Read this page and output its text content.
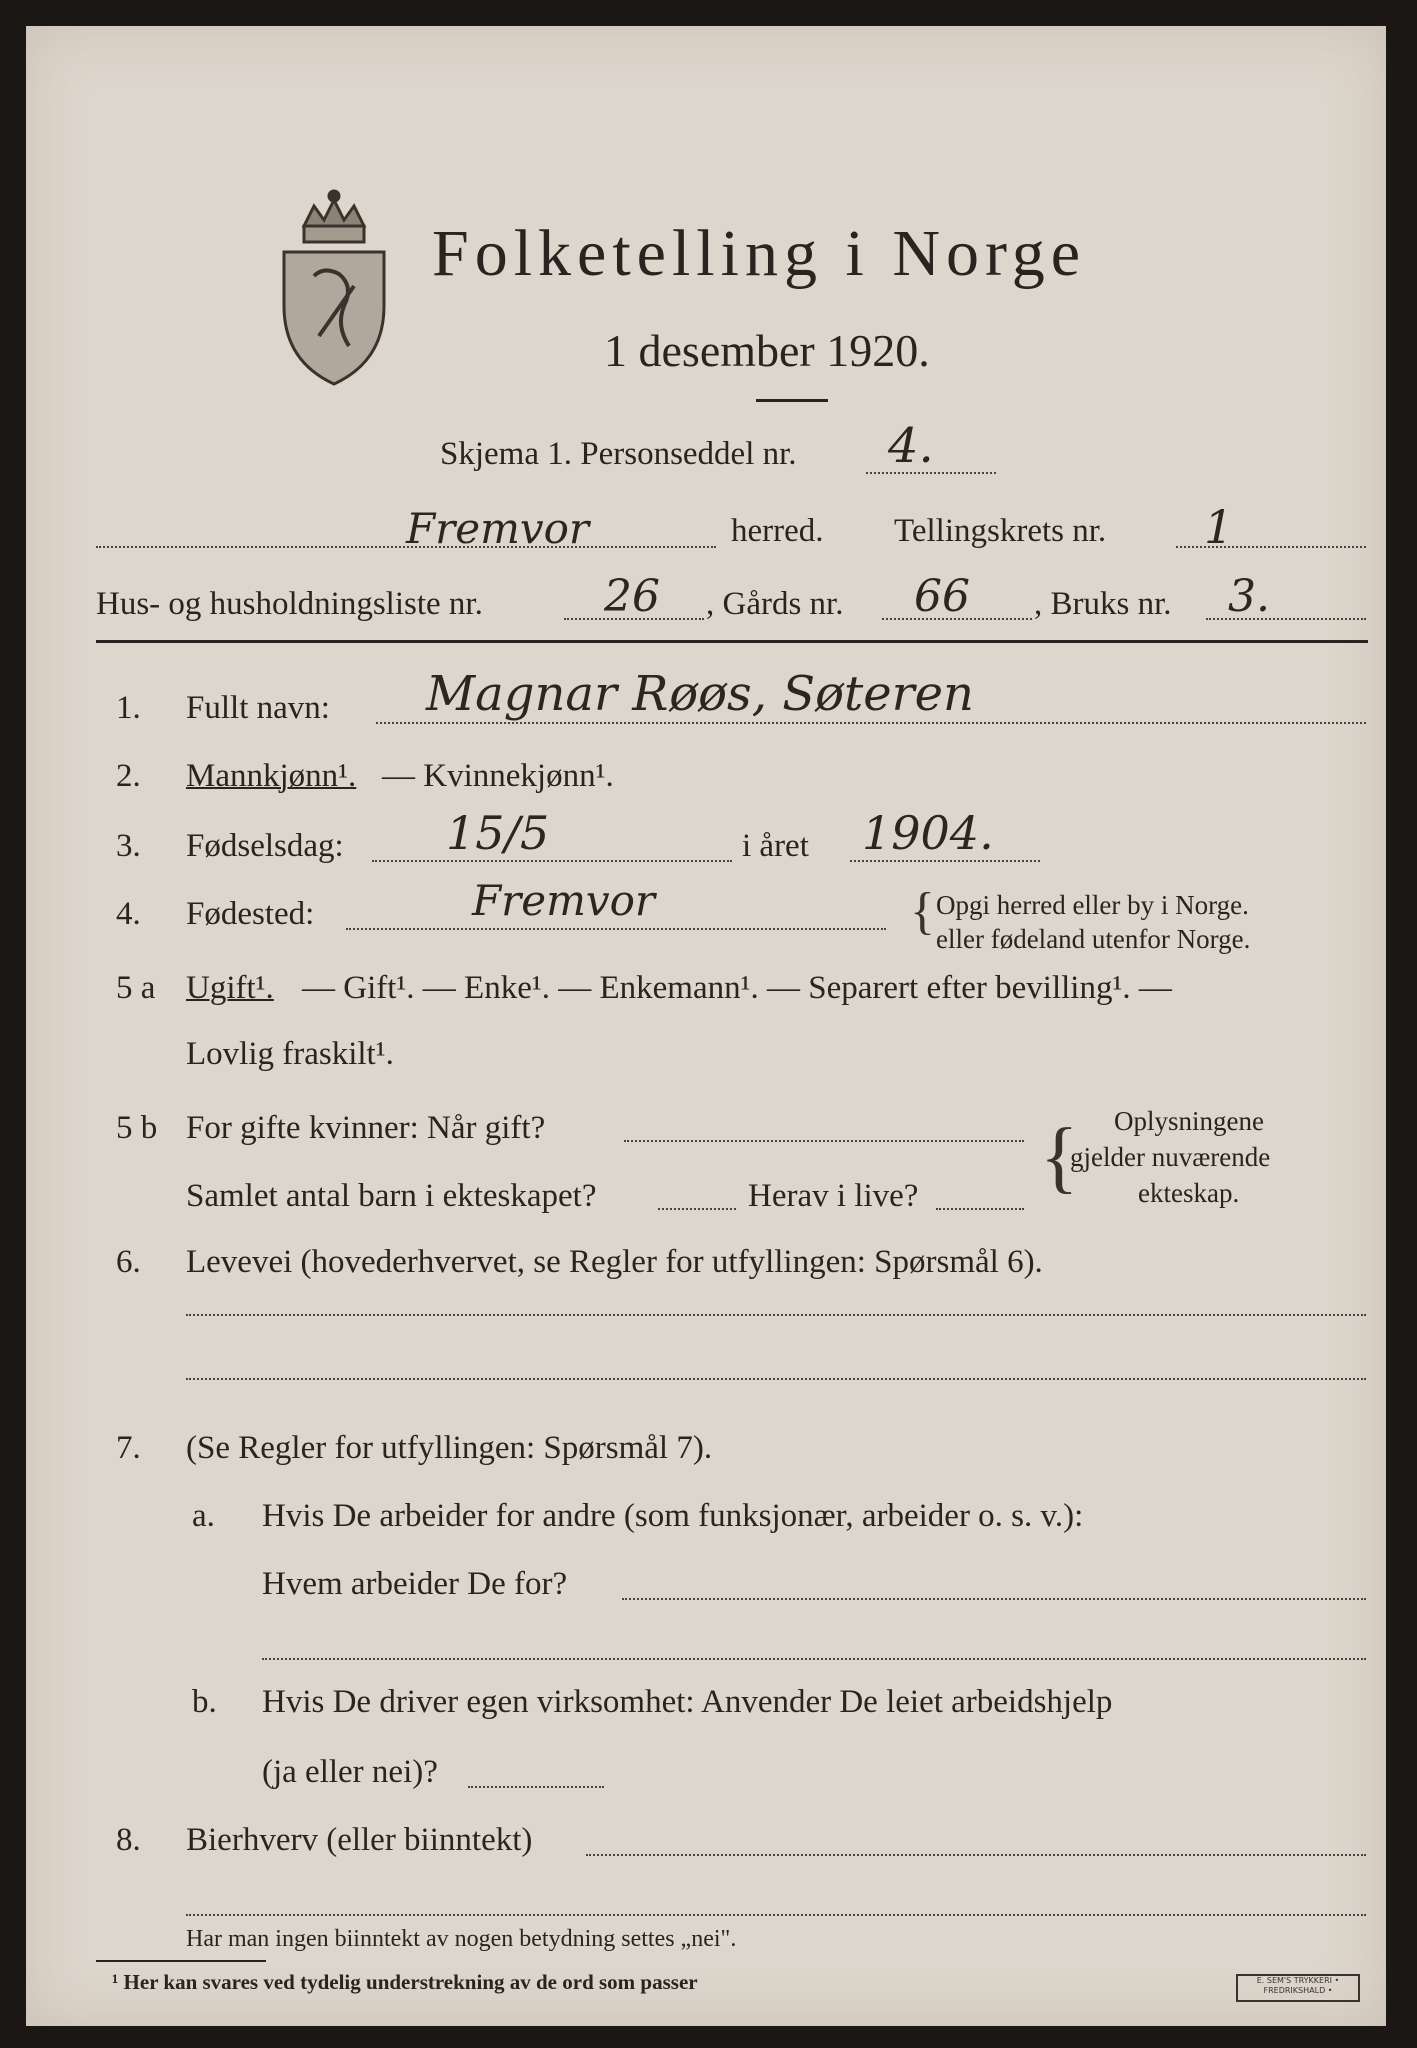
Folketelling i Norge
1 desember 1920.
Skjema 1. Personseddel nr. 4.
Fremvor	herred. Tellingskrets nr. 1
Hus- og husholdningsliste nr.	26 , Gårds nr. 66 , Bruks nr. 3.
1. Fullt navn: Magnar Røøs, Søteren
2. Mannkjønn¹. — Kvinnekjønn¹.
3. Fødselsdag: 15/5	i året 1904.
4. Fødested:	Fremvor	{ Opgi herred eller by i Norge.
eller fødeland utenfor Norge.
5 a Ugift¹. — Gift¹. — Enke¹. — Enkemann¹. — Separert efter bevilling¹. —
Lovlig fraskilt¹.
5 b For gifte kvinner: Når gift?
Samlet antal barn i ekteskapet?	Herav i live? { Oplysningene
gjelder nuværende
ekteskap.
6. Levevei (hovederhvervet, se Regler for utfyllingen: Spørsmål 6).
7. (Se Regler for utfyllingen: Spørsmål 7).
a. Hvis De arbeider for andre (som funksjonær, arbeider o. s. v.):
Hvem arbeider De for?
b. Hvis De driver egen virksomhet: Anvender De leiet arbeidshjelp
(ja eller nei)?
8. Bierhverv (eller biinntekt)
Har man ingen biinntekt av nogen betydning settes „nei".
¹ Her kan svares ved tydelig understrekning av de ord som passer	E. SEM'S TRYKKERI • FREDRIKSHALD •
